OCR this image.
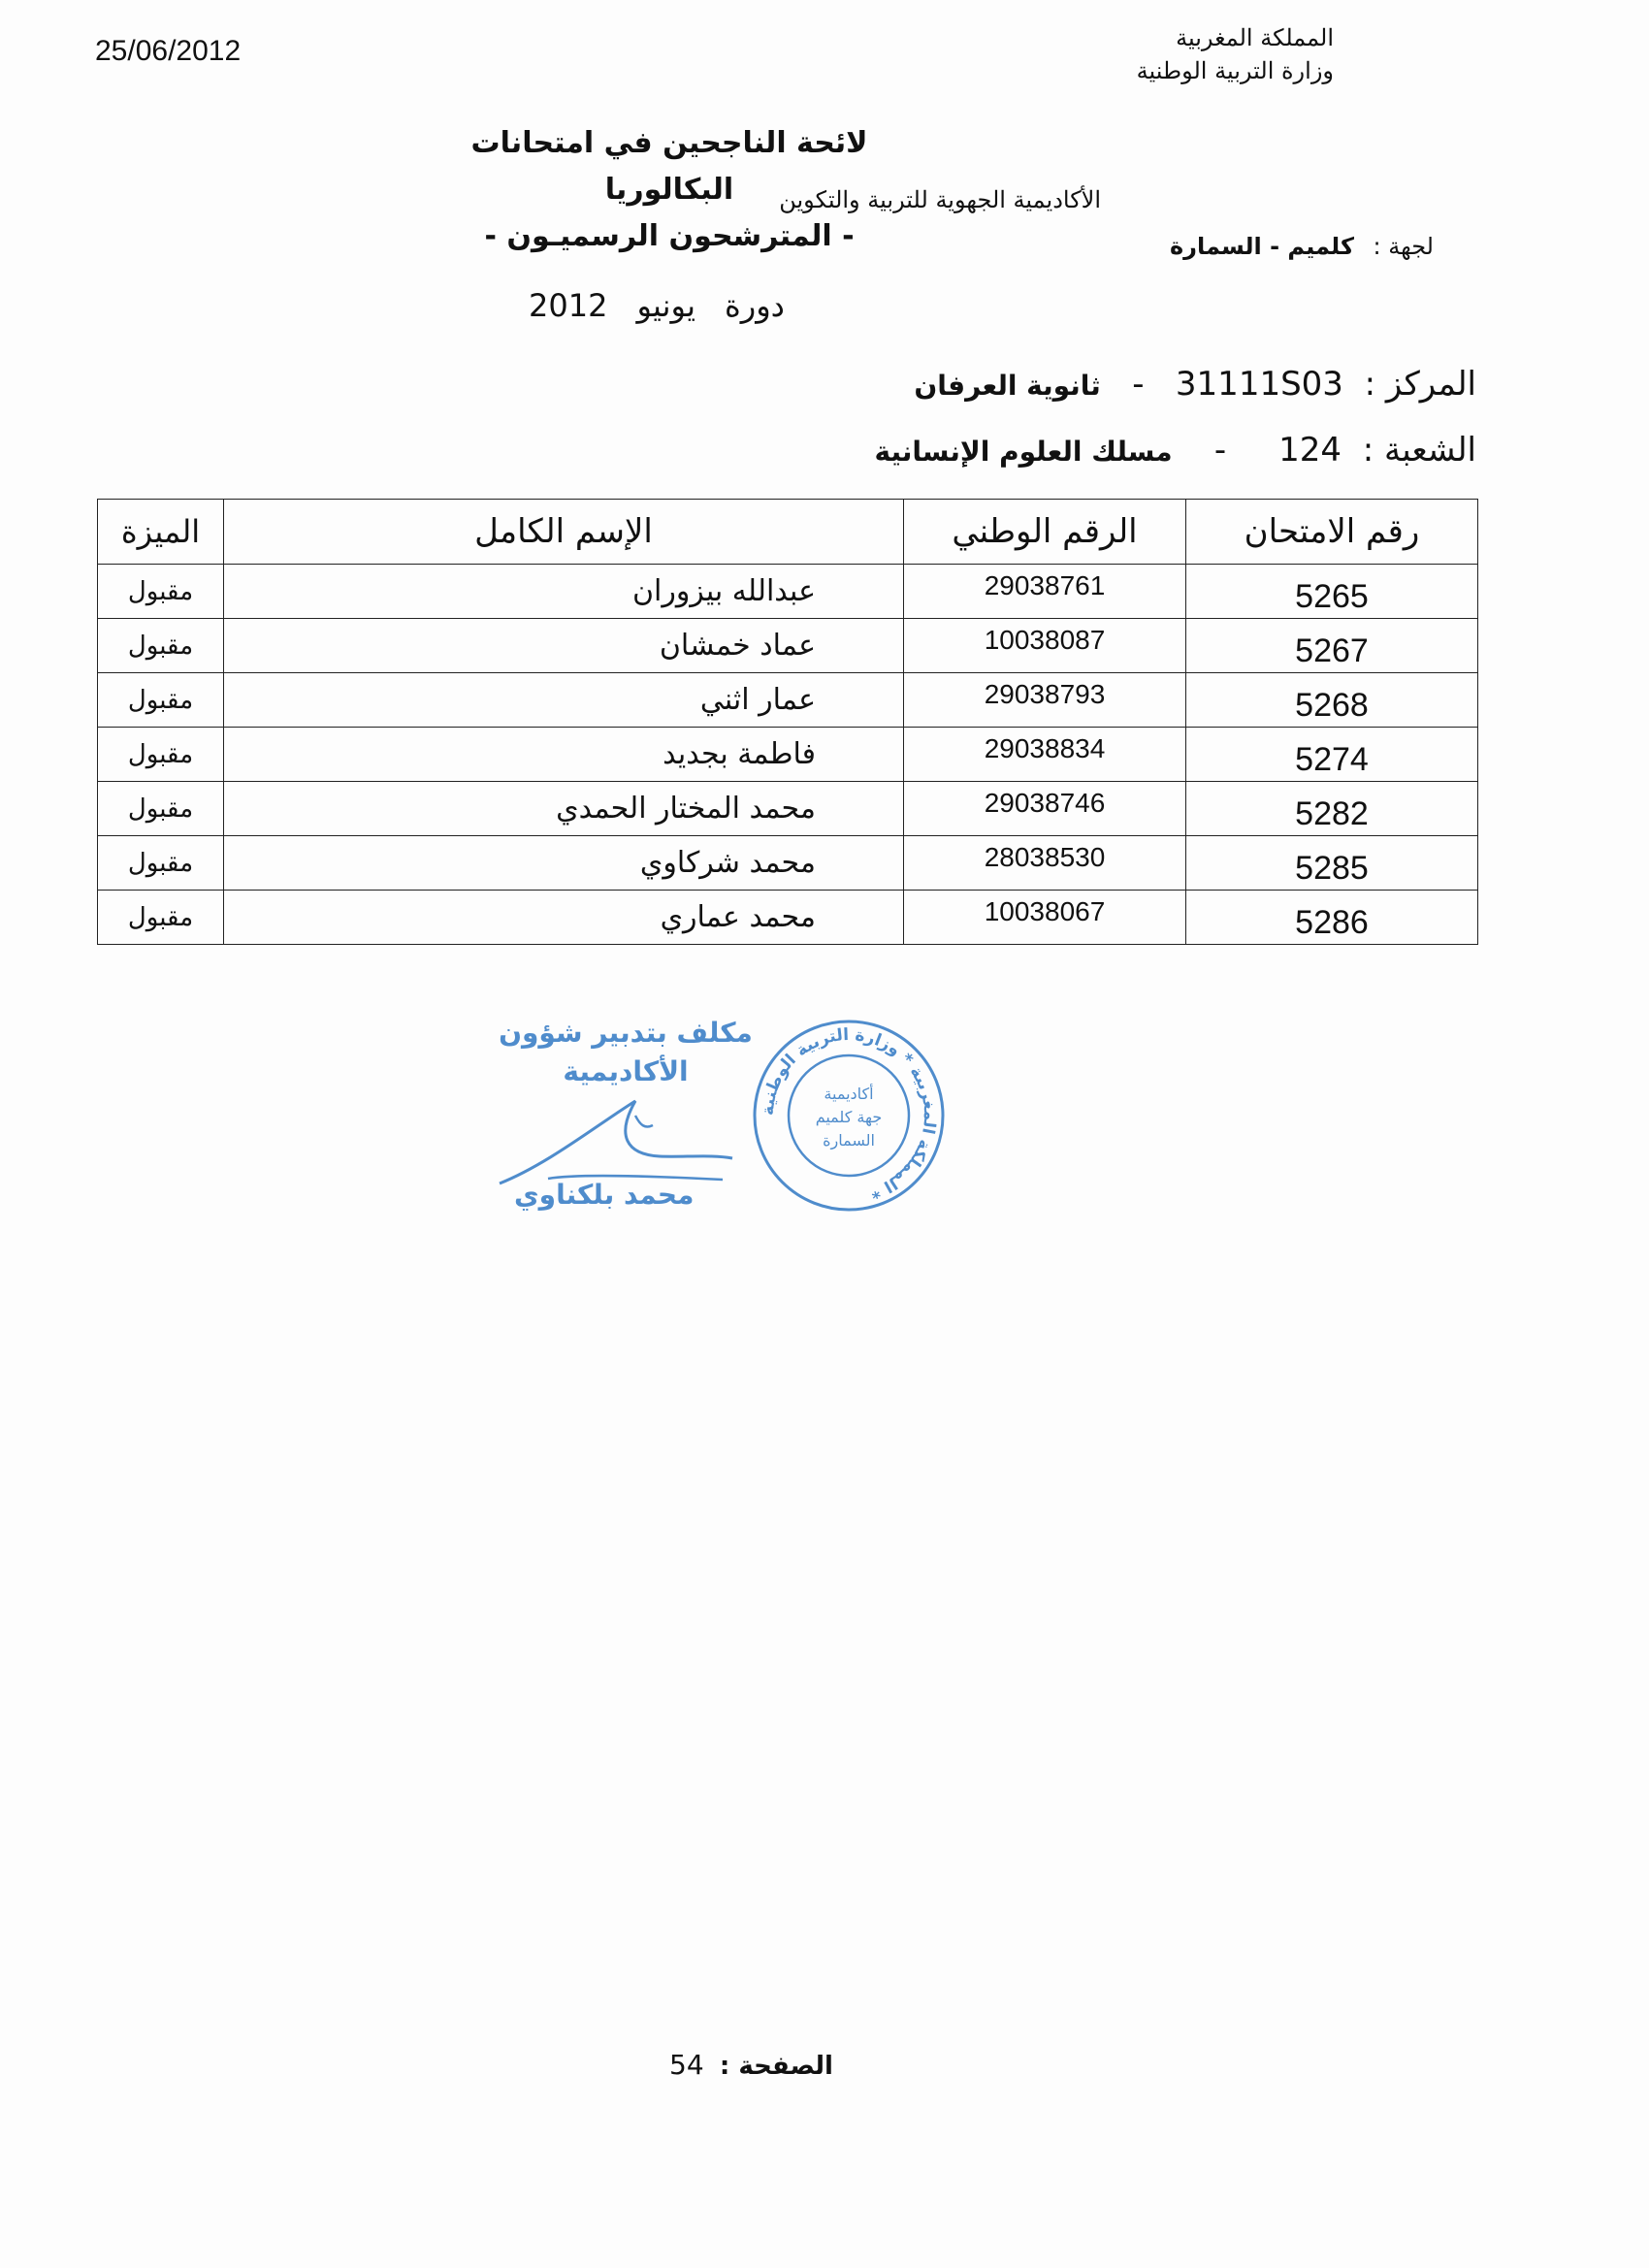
25/06/2012	المملكة المغربية
وزارة التربية الوطنية
لائحة الناجحين في امتحانات البكالوريا
- المترشحون الرسميـون -
الأكاديمية الجهوية للتربية والتكوين
لجهة : كلميم - السمارة
دورةيونيو2012
المركز :  31111S03   -   ثانوية العرفان
الشعبة :  124     -    مسلك العلوم الإنسانية
رقم الامتحان	الرقم الوطني	الإسم الكامل	الميزة
5265	29038761	عبدالله بيزوران	مقبول
5267	10038087	عماد خمشان	مقبول
5268	29038793	عمار اثني	مقبول
5274	29038834	فاطمة بجديد	مقبول
5282	29038746	محمد المختار الحمدي	مقبول
5285	28038530	محمد شركاوي	مقبول
5286	10038067	محمد عماري	مقبول
مكلف بتدبير شؤون
الأكاديمية
محمد بلكناوي
المملكة المغربية * وزارة التربية الوطنية *
أكاديمية
جهة كلميم
السمارة
الصفحة : 54
